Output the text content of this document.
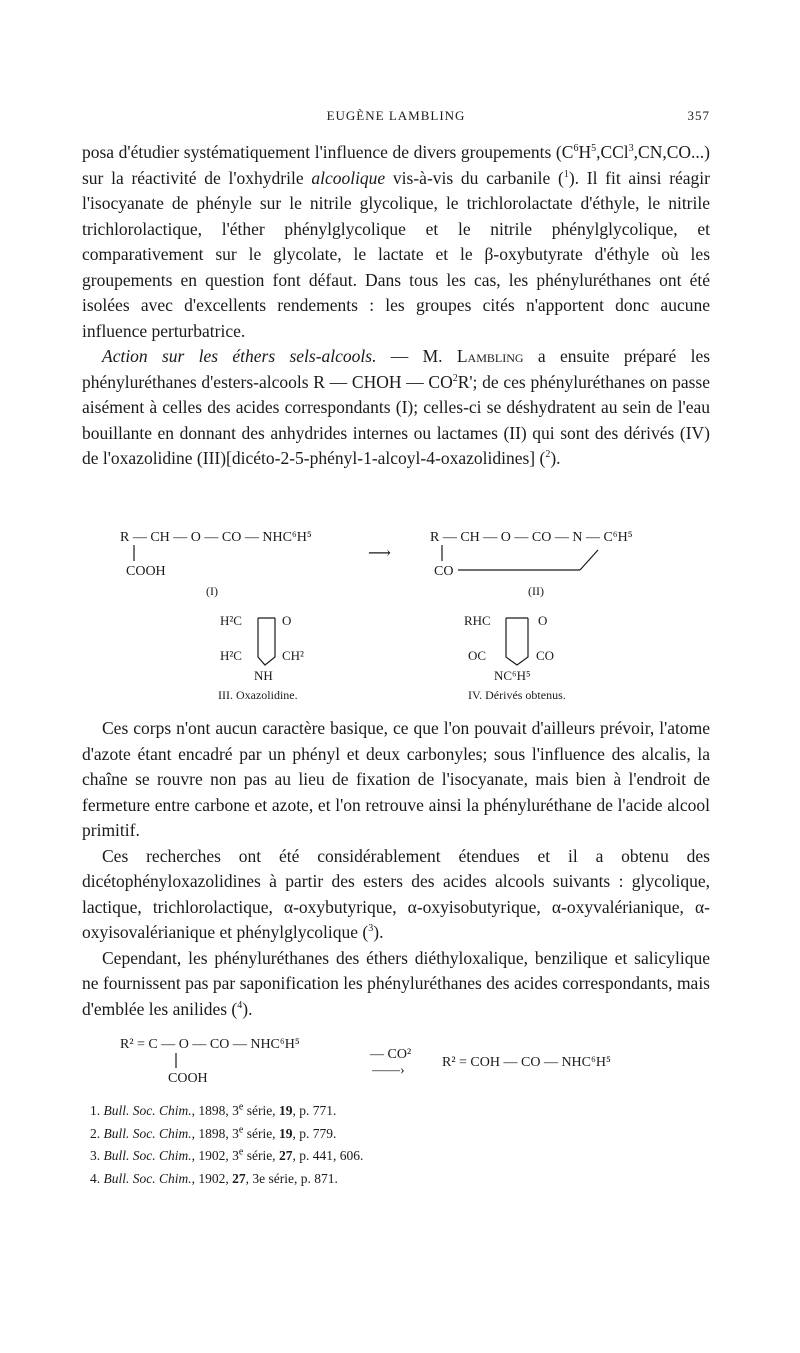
EUGÈNE LAMBLING	357

posa d'étudier systématiquement l'influence de divers groupements $(C^6H^5,CCl^3,CN,CO...)$ sur la réactivité de l'oxhydrile alcoolique vis-à-vis du carbanile ($^1$). Il fit ainsi réagir l'isocyanate de phényle sur le nitrile glycolique, le trichlorolactate d'éthyle, le nitrile trichlorolactique, l'éther phénylglycolique et le nitrile phénylglycolique, et comparativement sur le glycolate, le lactate et le β-oxybutyrate d'éthyle où les groupements en question font défaut. Dans tous les cas, les phényluréthanes ont été isolées avec d'excellents rendements : les groupes cités n'apportent donc aucune influence perturbatrice.

Action sur les éthers sels-alcools. — M. Lambling a ensuite préparé les phényluréthanes d'esters-alcools R — CHOH — $CO^2R'$; de ces phényluréthanes on passe aisément à celles des acides correspondants (I); celles-ci se déshydratent au sein de l'eau bouillante en donnant des anhydrides internes ou lactames (II) qui sont des dérivés (IV) de l'oxazolidine (III)[dicéto-2-5-phényl-1-alcoyl-4-oxazolidines] ($^2$).

R — CH — O — CO — NHC⁶H⁵
COOH
(I)
⟶
R — CH — O — CO — N — C⁶H⁵
CO
(II)
H²C	O
H²C	CH²
NH
III. Oxazolidine.
RHC	O
OC	CO
NC⁶H⁵
IV. Dérivés obtenus.

Ces corps n'ont aucun caractère basique, ce que l'on pouvait d'ailleurs prévoir, l'atome d'azote étant encadré par un phényl et deux carbonyles; sous l'influence des alcalis, la chaîne se rouvre non pas au lieu de fixation de l'isocyanate, mais bien à l'endroit de fermeture entre carbone et azote, et l'on retrouve ainsi la phényluréthane de l'acide alcool primitif.

Ces recherches ont été considérablement étendues et il a obtenu des dicétophényloxazolidines à partir des esters des acides alcools suivants : glycolique, lactique, trichlorolactique, α-oxybutyrique, α-oxyisobutyrique, α-oxyvalérianique, α-oxyisovalérianique et phénylglycolique ($^3$).

Cependant, les phényluréthanes des éthers diéthyloxalique, benzilique et salicylique ne fournissent pas par saponification les phényluréthanes des acides correspondants, mais d'emblée les anilides ($^4$).

R² = C — O — CO — NHC⁶H⁵
COOH
— CO²
——›
R² = COH — CO — NHC⁶H⁵
1. Bull. Soc. Chim., 1898, 3e série, 19, p. 771.
2. Bull. Soc. Chim., 1898, 3e série, 19, p. 779.
3. Bull. Soc. Chim., 1902, 3e série, 27, p. 441, 606.
4. Bull. Soc. Chim., 1902, 27, 3e série, p. 871.
